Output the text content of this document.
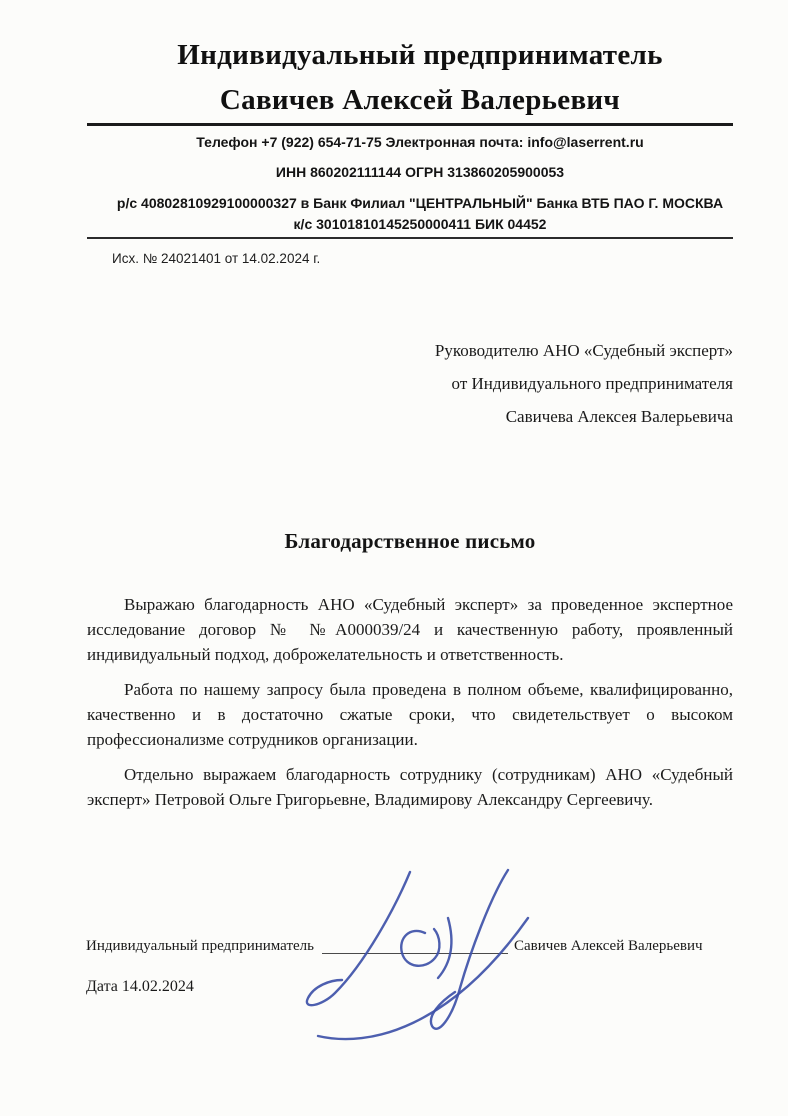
Индивидуальный предприниматель
Савичев Алексей Валерьевич
Телефон +7 (922) 654-71-75 Электронная почта: info@laserrent.ru
ИНН 860202111144 ОГРН 313860205900053
р/с 40802810929100000327 в Банк Филиал "ЦЕНТРАЛЬНЫЙ" Банка ВТБ ПАО Г. МОСКВА
к/с 30101810145250000411 БИК 04452
Исх. № 24021401 от 14.02.2024 г.
Руководителю АНО «Судебный эксперт»
от Индивидуального предпринимателя
Савичева Алексея Валерьевича
Благодарственное письмо

Выражаю благодарность АНО «Судебный эксперт» за проведенное экспертное исследование договор № №А000039/24 и качественную работу, проявленный индивидуальный подход, доброжелательность и ответственность.

Работа по нашему запросу была проведена в полном объеме, квалифицированно, качественно и в достаточно сжатые сроки, что свидетельствует о высоком профессионализме сотрудников организации.

Отдельно выражаем благодарность сотруднику (сотрудникам) АНО «Судебный эксперт» Петровой Ольге Григорьевне, Владимирову Александру Сергеевичу.

Индивидуальный предприниматель	Савичев Алексей Валерьевич
Дата 14.02.2024
